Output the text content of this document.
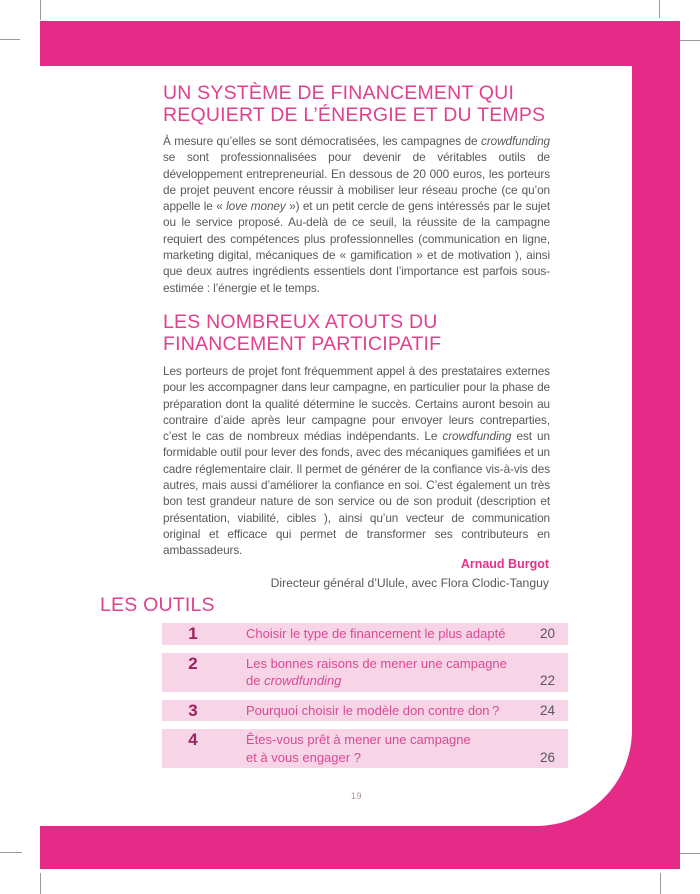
UN SYSTÈME DE FINANCEMENT QUI
REQUIERT DE L’ÉNERGIE ET DU TEMPS
À mesure qu’elles se sont démocratisées, les campagnes de crowdfunding se sont professionnalisées pour devenir de véritables outils de développement entrepreneurial. En dessous de 20 000 euros, les porteurs de projet peuvent encore réussir à mobiliser leur réseau proche (ce qu’on appelle le « love money ») et un petit cercle de gens intéressés par le sujet ou le service proposé. Au-delà de ce seuil, la réussite de la campagne requiert des compétences plus professionnelles (communication en ligne, marketing digital, mécaniques de « gamification » et de motivation ), ainsi que deux autres ingrédients essentiels dont l’importance est parfois sous-estimée : l’énergie et le temps.
LES NOMBREUX ATOUTS DU
FINANCEMENT PARTICIPATIF
Les porteurs de projet font fréquemment appel à des prestataires externes pour les accompagner dans leur campagne, en particulier pour la phase de préparation dont la qualité détermine le succès. Certains auront besoin au contraire d’aide après leur campagne pour envoyer leurs contreparties, c’est le cas de nombreux médias indépendants. Le crowdfunding est un formidable outil pour lever des fonds, avec des mécaniques gamifiées et un cadre réglementaire clair. Il permet de générer de la confiance vis-à-vis des autres, mais aussi d’améliorer la confiance en soi. C’est également un très bon test grandeur nature de son service ou de son produit (description et présentation, viabilité, cibles ), ainsi qu’un vecteur de communication original et efficace qui permet de transformer ses contributeurs en ambassadeurs.
Arnaud Burgot
Directeur général d’Ulule, avec Flora Clodic-Tanguy
LES OUTILS
1	Choisir le type de financement le plus adapté	20
2	Les bonnes raisons de mener une campagne
de crowdfunding	22
3	Pourquoi choisir le modèle don contre don ?	24
4	Êtes-vous prêt à mener une campagne
et à vous engager ?	26
19
